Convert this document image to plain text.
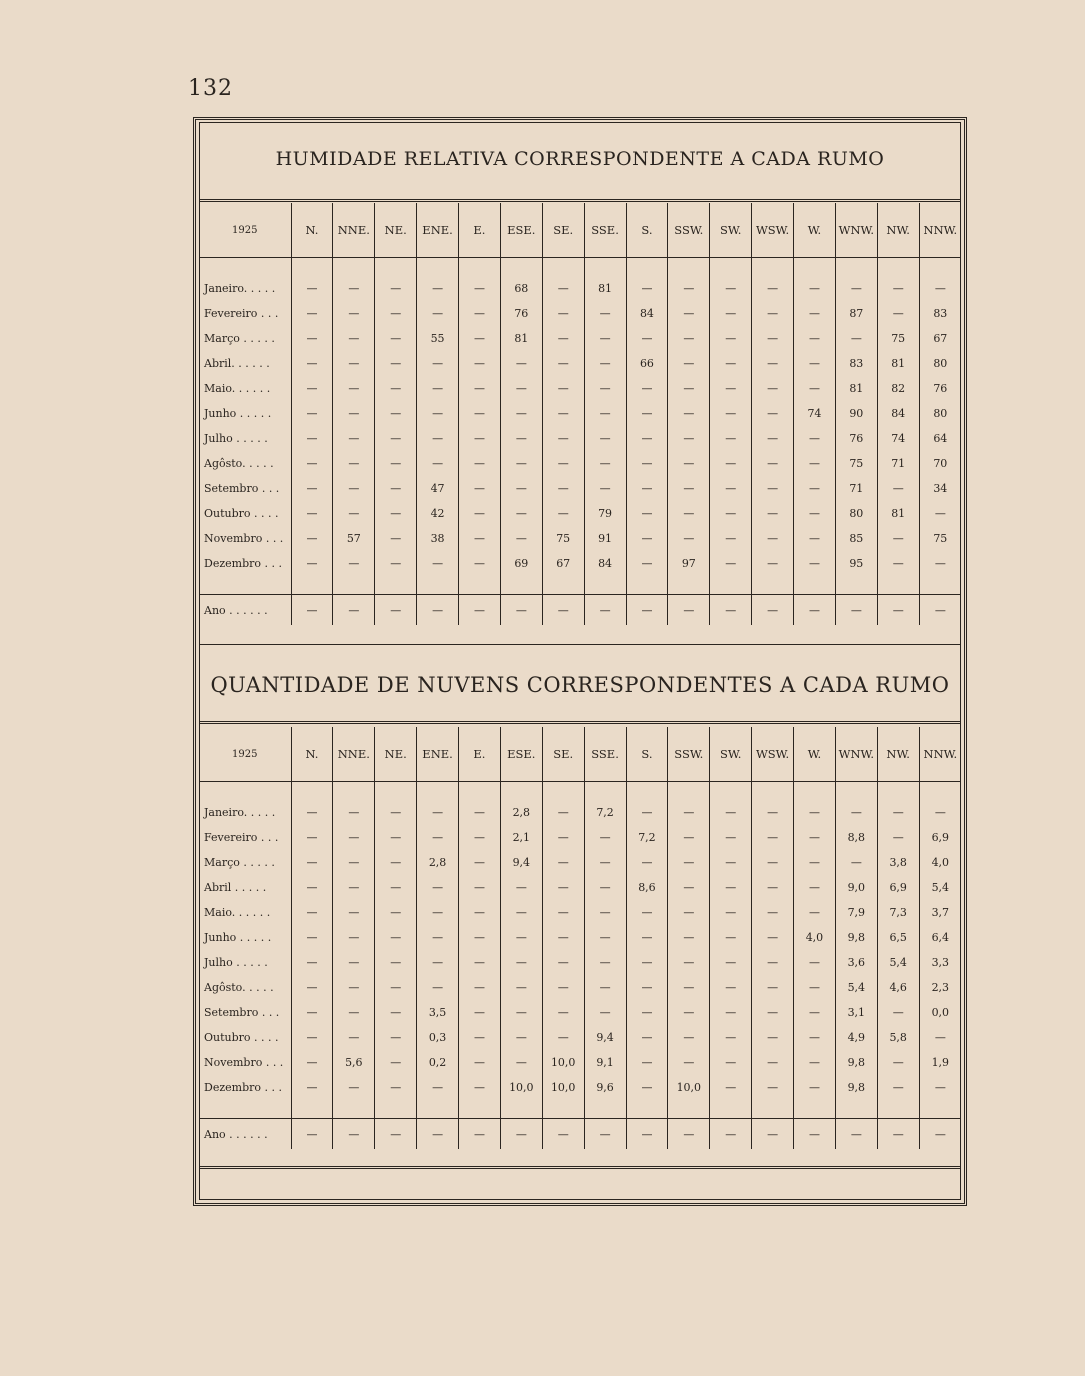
132
HUMIDADE RELATIVA CORRESPONDENTE A CADA RUMO
1925	N.	NNE.	NE.	ENE.	E.	ESE.	SE.	SSE.	S.	SSW.	SW.	WSW.	W.	WNW.	NW.	NNW.

Janeiro. . . . .	—	—	—	—	—	68	—	81	—	—	—	—	—	—	—	—
Fevereiro . . .	—	—	—	—	—	76	—	—	84	—	—	—	—	87	—	83
Março . . . . .	—	—	—	55	—	81	—	—	—	—	—	—	—	—	75	67
Abril. . . . . .	—	—	—	—	—	—	—	—	66	—	—	—	—	83	81	80
Maio. . . . . .	—	—	—	—	—	—	—	—	—	—	—	—	—	81	82	76
Junho . . . . .	—	—	—	—	—	—	—	—	—	—	—	—	74	90	84	80
Julho . . . . .	—	—	—	—	—	—	—	—	—	—	—	—	—	76	74	64
Agôsto. . . . .	—	—	—	—	—	—	—	—	—	—	—	—	—	75	71	70
Setembro . . .	—	—	—	47	—	—	—	—	—	—	—	—	—	71	—	34
Outubro . . . .	—	—	—	42	—	—	—	79	—	—	—	—	—	80	81	—
Novembro . . .	—	57	—	38	—	—	75	91	—	—	—	—	—	85	—	75
Dezembro . . .	—	—	—	—	—	69	67	84	—	97	—	—	—	95	—	—

Ano . . . . . .	—	—	—	—	—	—	—	—	—	—	—	—	—	—	—	—
QUANTIDADE DE NUVENS CORRESPONDENTES A CADA RUMO
1925	N.	NNE.	NE.	ENE.	E.	ESE.	SE.	SSE.	S.	SSW.	SW.	WSW.	W.	WNW.	NW.	NNW.

Janeiro. . . . .	—	—	—	—	—	2,8	—	7,2	—	—	—	—	—	—	—	—
Fevereiro . . .	—	—	—	—	—	2,1	—	—	7,2	—	—	—	—	8,8	—	6,9
Março . . . . .	—	—	—	2,8	—	9,4	—	—	—	—	—	—	—	—	3,8	4,0
Abril . . . . .	—	—	—	—	—	—	—	—	8,6	—	—	—	—	9,0	6,9	5,4
Maio. . . . . .	—	—	—	—	—	—	—	—	—	—	—	—	—	7,9	7,3	3,7
Junho . . . . .	—	—	—	—	—	—	—	—	—	—	—	—	4,0	9,8	6,5	6,4
Julho . . . . .	—	—	—	—	—	—	—	—	—	—	—	—	—	3,6	5,4	3,3
Agôsto. . . . .	—	—	—	—	—	—	—	—	—	—	—	—	—	5,4	4,6	2,3
Setembro . . .	—	—	—	3,5	—	—	—	—	—	—	—	—	—	3,1	—	0,0
Outubro . . . .	—	—	—	0,3	—	—	—	9,4	—	—	—	—	—	4,9	5,8	—
Novembro . . .	—	5,6	—	0,2	—	—	10,0	9,1	—	—	—	—	—	9,8	—	1,9
Dezembro . . .	—	—	—	—	—	10,0	10,0	9,6	—	10,0	—	—	—	9,8	—	—

Ano . . . . . .	—	—	—	—	—	—	—	—	—	—	—	—	—	—	—	—
